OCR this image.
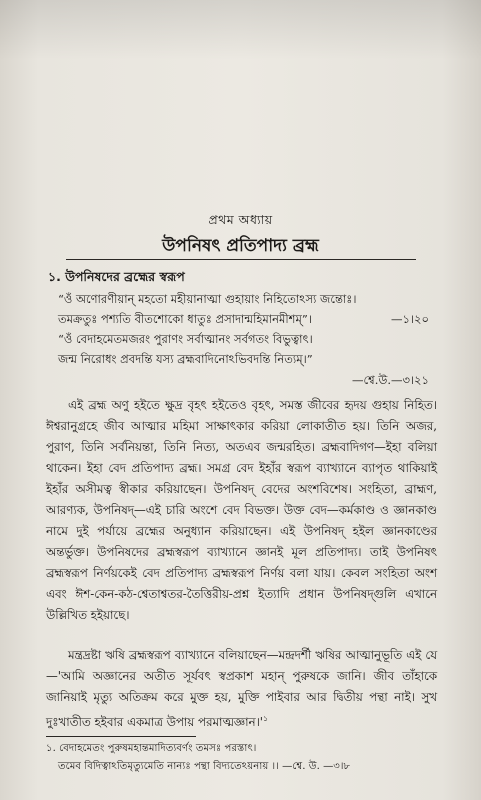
প্রথম অধ্যায়
উপনিষৎ প্রতিপাদ্য ব্রহ্ম
১. উপনিষদের ব্রহ্মের স্বরূপ
“ওঁ অণোরণীয়ান্ মহতো মহীয়ানাত্মা গুহায়াং নিহিতোঽস্য জন্তোঃ।
তমক্রতুঃ পশ্যতি বীতশোকো ধাতুঃ প্রসাদান্মহিমানমীশম্”।	—১।২০
“ওঁ বেদাহমেতমজরং পুরাণং সর্বাত্মানং সর্বগতং বিভুত্বাৎ।
জন্ম নিরোধং প্রবদন্তি যস্য ব্রহ্মবাদিনোঽভিবদন্তি নিত্যম্।”
—শ্বে.উ.—৩।২১

এই ব্রহ্ম অণু হইতে ক্ষুদ্র বৃহৎ হইতেও বৃহৎ, সমস্ত জীবের হৃদয় গুহায় নিহিত। ঈশ্বরানুগ্রহে জীব আত্মার মহিমা সাক্ষাৎকার করিয়া লোকাতীত হয়। তিনি অজর, পুরাণ, তিনি সর্বনিয়ন্তা, তিনি নিত্য, অতএব জন্মরহিত। ব্রহ্মবাদিগণ—ইহা বলিয়া থাকেন। ইহা বেদ প্রতিপাদ্য ব্রহ্ম। সমগ্র বেদ ইহাঁর স্বরূপ ব্যাখ্যানে ব্যাপৃত থাকিয়াই ইহাঁর অসীমত্ব স্বীকার করিয়াছেন। উপনিষদ্ বেদের অংশবিশেষ। সংহিতা, ব্রাহ্মণ, আরণ্যক, উপনিষদ্—এই চারি অংশে বেদ বিভক্ত। উক্ত বেদ—কর্মকাণ্ড ও জ্ঞানকাণ্ড নামে দুই পর্যায়ে ব্রহ্মের অনুধ্যান করিয়াছেন। এই উপনিষদ্ হইল জ্ঞানকাণ্ডের অন্তর্ভুক্ত। উপনিষদের ব্রহ্মস্বরূপ ব্যাখ্যানে জ্ঞানই মূল প্রতিপাদ্য। তাই উপনিষৎ ব্রহ্মস্বরূপ নির্ণয়কেই বেদ প্রতিপাদ্য ব্রহ্মস্বরূপ নির্ণয় বলা যায়। কেবল সংহিতা অংশ এবং ঈশ-কেন-কঠ-শ্বেতাশ্বতর-তৈত্তিরীয়-প্রশ্ন ইত্যাদি প্রধান উপনিষদ্গুলি এখানে উল্লিখিত হইয়াছে।

মন্ত্রদ্রষ্টা ঋষি ব্রহ্মস্বরূপ ব্যাখ্যানে বলিয়াছেন—মন্দ্রদর্শী ঋষির আত্মানুভূতি এই যে—'আমি অজ্ঞানের অতীত সূর্যবৎ স্বপ্রকাশ মহান্ পুরুষকে জানি। জীব তাঁহাকে জানিয়াই মৃত্যু অতিক্রম করে মুক্ত হয়, মুক্তি পাইবার আর দ্বিতীয় পন্থা নাই। সুখ দুঃখাতীত হইবার একমাত্র উপায় $পরমাত্মজ্ঞান।'^১$

১. বেদাহমেতং পুরুষমহান্তমাদিত্যবর্ণং তমসঃ পরস্তাৎ।
তমেব বিদিত্বাঽতিমৃত্যুমেতি নান্যঃ পন্থা বিদ্যতেঽয়নায় ।। —শ্বে. উ. —৩।৮
